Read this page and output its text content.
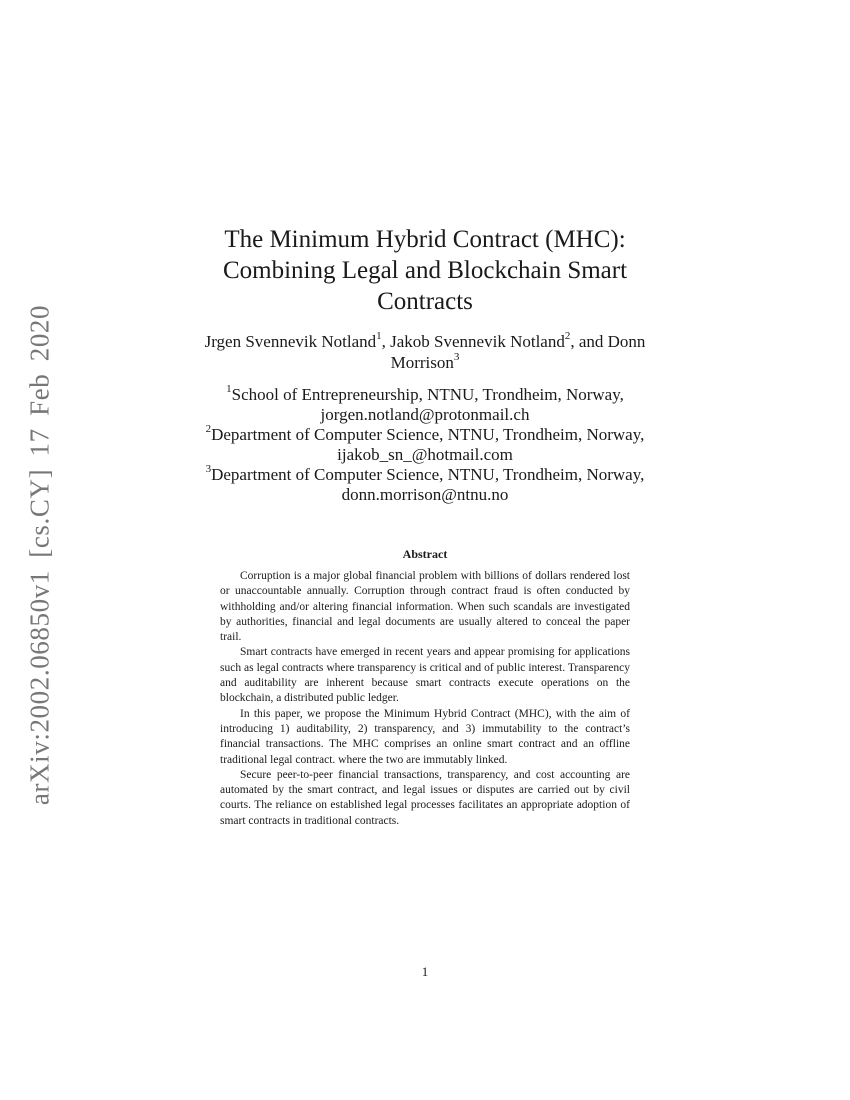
arXiv:2002.06850v1 [cs.CY] 17 Feb 2020
The Minimum Hybrid Contract (MHC): Combining Legal and Blockchain Smart Contracts
Jrgen Svennevik Notland$^1$, Jakob Svennevik Notland$^2$, and Donn Morrison$^3$
$^1$School of Entrepreneurship, NTNU, Trondheim, Norway,
jorgen.notland@protonmail.ch
$^2$Department of Computer Science, NTNU, Trondheim, Norway,
ijakob_sn_@hotmail.com
$^3$Department of Computer Science, NTNU, Trondheim, Norway,
donn.morrison@ntnu.no
Abstract

Corruption is a major global financial problem with billions of dollars rendered lost or unaccountable annually. Corruption through contract fraud is often conducted by withholding and/or altering financial information. When such scandals are investigated by authorities, financial and legal documents are usually altered to conceal the paper trail.

Smart contracts have emerged in recent years and appear promising for applications such as legal contracts where transparency is critical and of public interest. Transparency and auditability are inherent because smart contracts execute operations on the blockchain, a distributed public ledger.

In this paper, we propose the Minimum Hybrid Contract (MHC), with the aim of introducing 1) auditability, 2) transparency, and 3) immutability to the contract’s financial transactions. The MHC comprises an online smart contract and an offline traditional legal contract. where the two are immutably linked.

Secure peer-to-peer financial transactions, transparency, and cost accounting are automated by the smart contract, and legal issues or disputes are carried out by civil courts. The reliance on established legal processes facilitates an appropriate adoption of smart contracts in traditional contracts.

1
